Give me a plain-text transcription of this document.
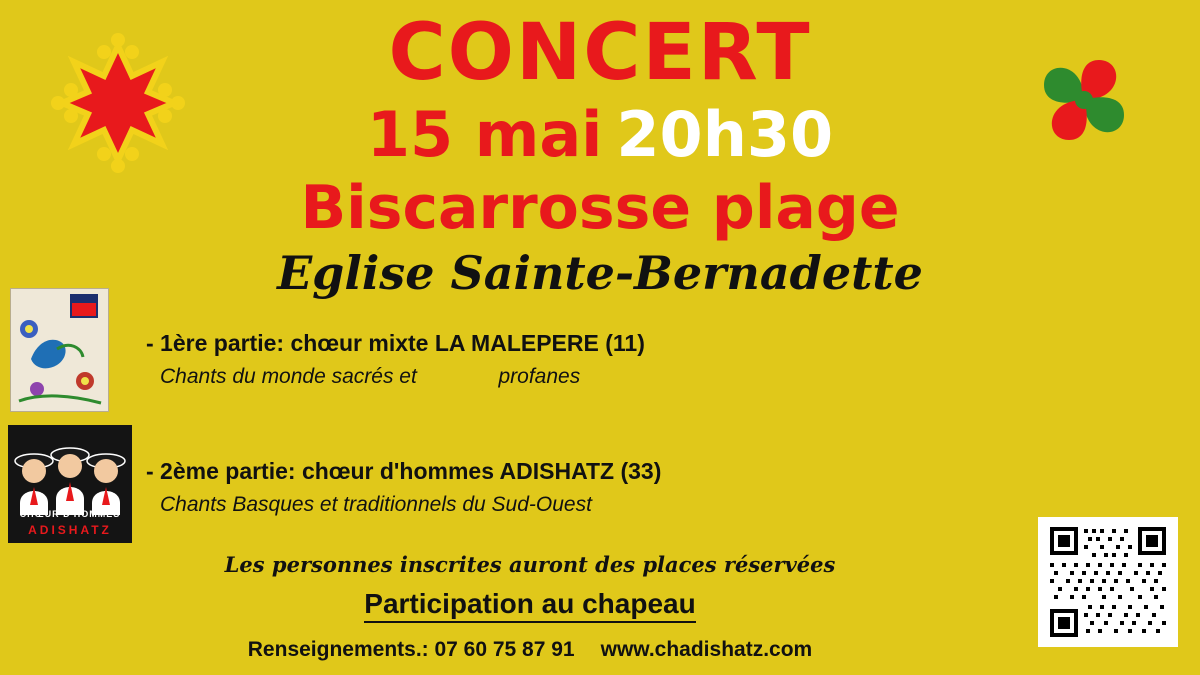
CONCERT
15 mai 20h30
Biscarrosse plage
Eglise Sainte-Bernadette
CHŒUR D'HOMMES
ADISHATZ
- 1ère partie: chœur mixte LA MALEPERE (11)
Chants du monde sacrés et              profanes
- 2ème partie: chœur d'hommes ADISHATZ (33)
Chants Basques et traditionnels du Sud-Ouest
Les personnes inscrites auront des places réservées
Participation au chapeau
Renseignements.: 07 60 75 87 91 www.chadishatz.com
